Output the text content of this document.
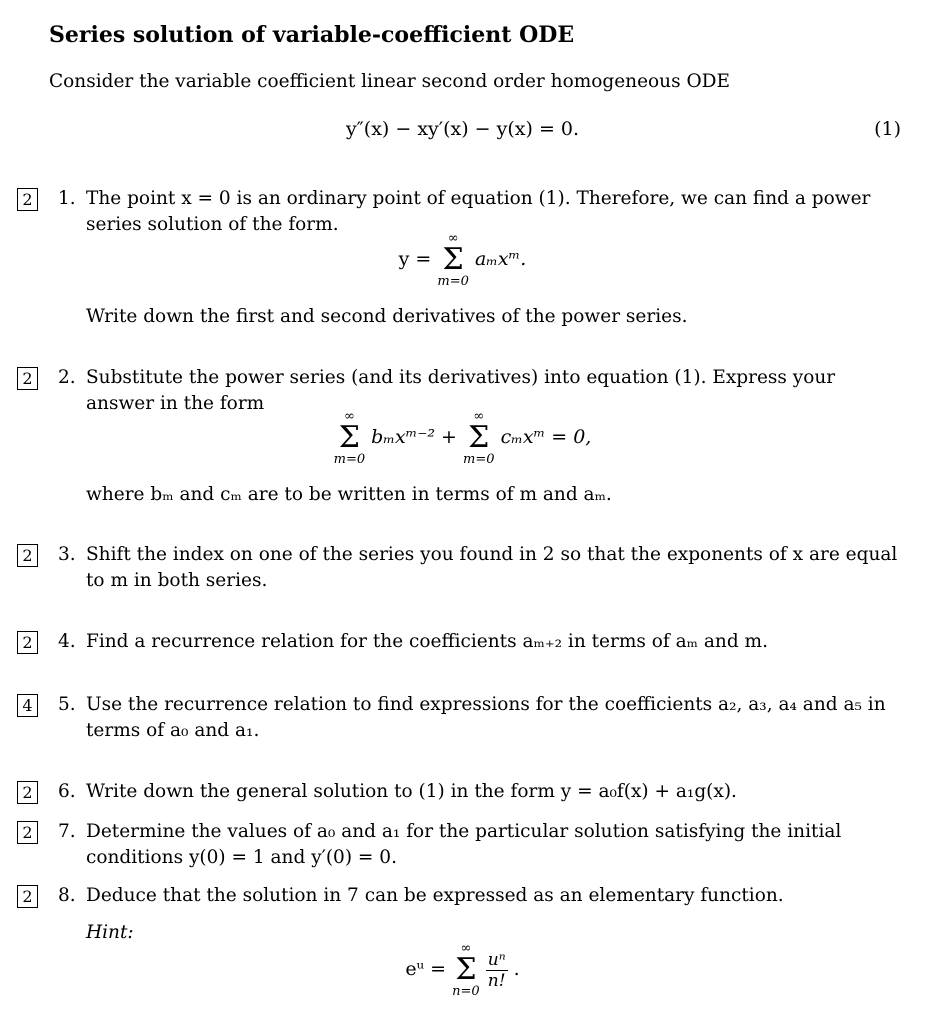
Series solution of variable-coefficient ODE
Consider the variable coefficient linear second order homogeneous ODE
y″(x) − xy′(x) − y(x) = 0.	(1)
2 1. The point x = 0 is an ordinary point of equation (1). Therefore, we can find a power series solution of the form.
y =
∞
Σ
m=0
aₘxᵐ.
Write down the first and second derivatives of the power series.
2 2. Substitute the power series (and its derivatives) into equation (1). Express your answer in the form
∞
Σ
m=0
bₘxᵐ⁻² +
∞
Σ
m=0
cₘxᵐ = 0,
where bₘ and cₘ are to be written in terms of m and aₘ.
2 3. Shift the index on one of the series you found in 2 so that the exponents of x are equal to m in both series.
2 4. Find a recurrence relation for the coefficients aₘ₊₂ in terms of aₘ and m.
4 5. Use the recurrence relation to find expressions for the coefficients a₂, a₃, a₄ and a₅ in terms of a₀ and a₁.
2 6. Write down the general solution to (1) in the form y = a₀f(x) + a₁g(x).
2 7. Determine the values of a₀ and a₁ for the particular solution satisfying the initial conditions y(0) = 1 and y′(0) = 0.
2 8. Deduce that the solution in 7 can be expressed as an elementary function.
Hint:
eᵘ =
∞
Σ
n=0

$\frac{\text{uⁿ}}{n!}$ .
